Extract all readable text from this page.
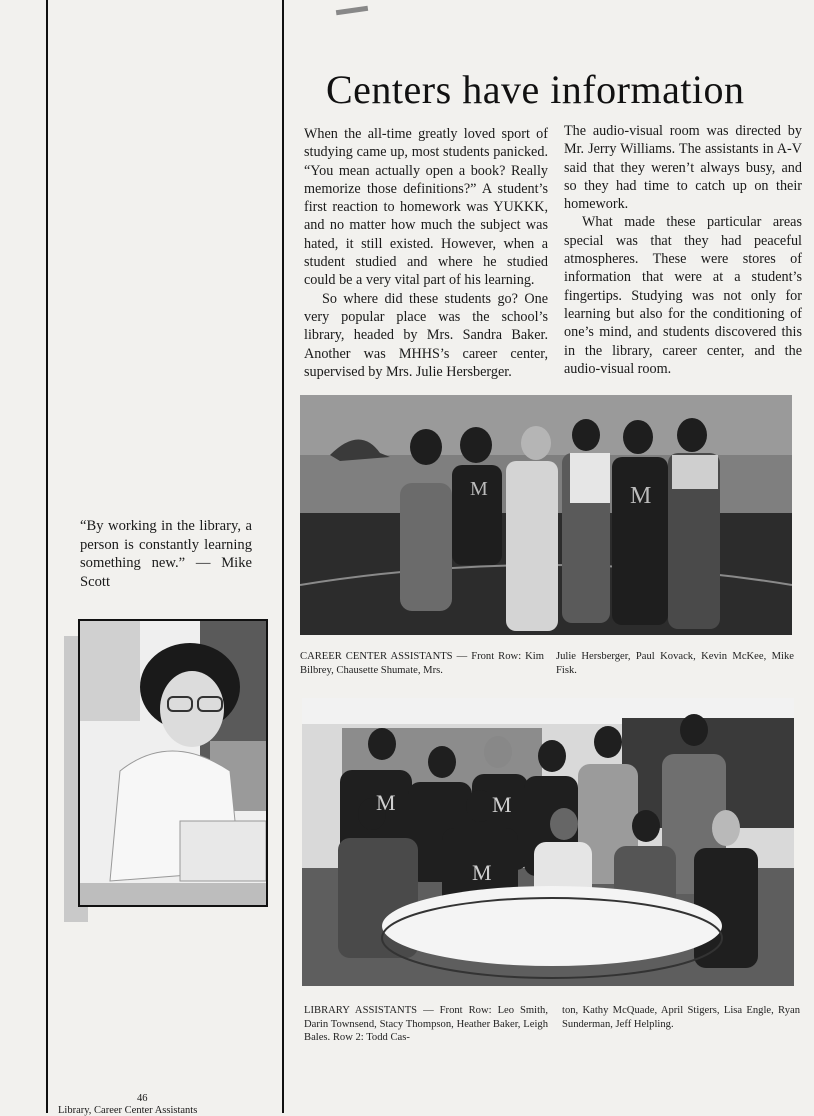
Centers have information

When the all-time greatly loved sport of studying came up, most students panicked. “You mean actually open a book? Really memorize those definitions?” A student’s first reaction to homework was YUKKK, and no matter how much the subject was hated, it still existed. However, when a student studied and where he studied could be a very vital part of his learning.

So where did these students go? One very popular place was the school’s library, headed by Mrs. Sandra Baker. Another was MHHS’s career center, supervised by Mrs. Julie Hersberger.

The audio-visual room was directed by Mr. Jerry Williams. The assistants in A-V said that they weren’t always busy, and so they had time to catch up on their homework.

What made these particular areas special was that they had peaceful atmospheres. These were stores of information that were at a student’s fingertips. Studying was not only for learning but also for the conditioning of one’s mind, and students discovered this in the library, career center, and the audio-visual room.

“By working in the library, a person is constantly learning something new.” — Mike Scott

M
M

CAREER CENTER ASSISTANTS — Front Row: Kim Bilbrey, Chausette Shumate, Mrs.

Julie Hersberger, Paul Kovack, Kevin McKee, Mike Fisk.

M	M
M

LIBRARY ASSISTANTS — Front Row: Leo Smith, Darin Townsend, Stacy Thompson, Heather Baker, Leigh Bales. Row 2: Todd Cas-

ton, Kathy McQuade, April Stigers, Lisa Engle, Ryan Sunderman, Jeff Helpling.

46
Library, Career Center Assistants
